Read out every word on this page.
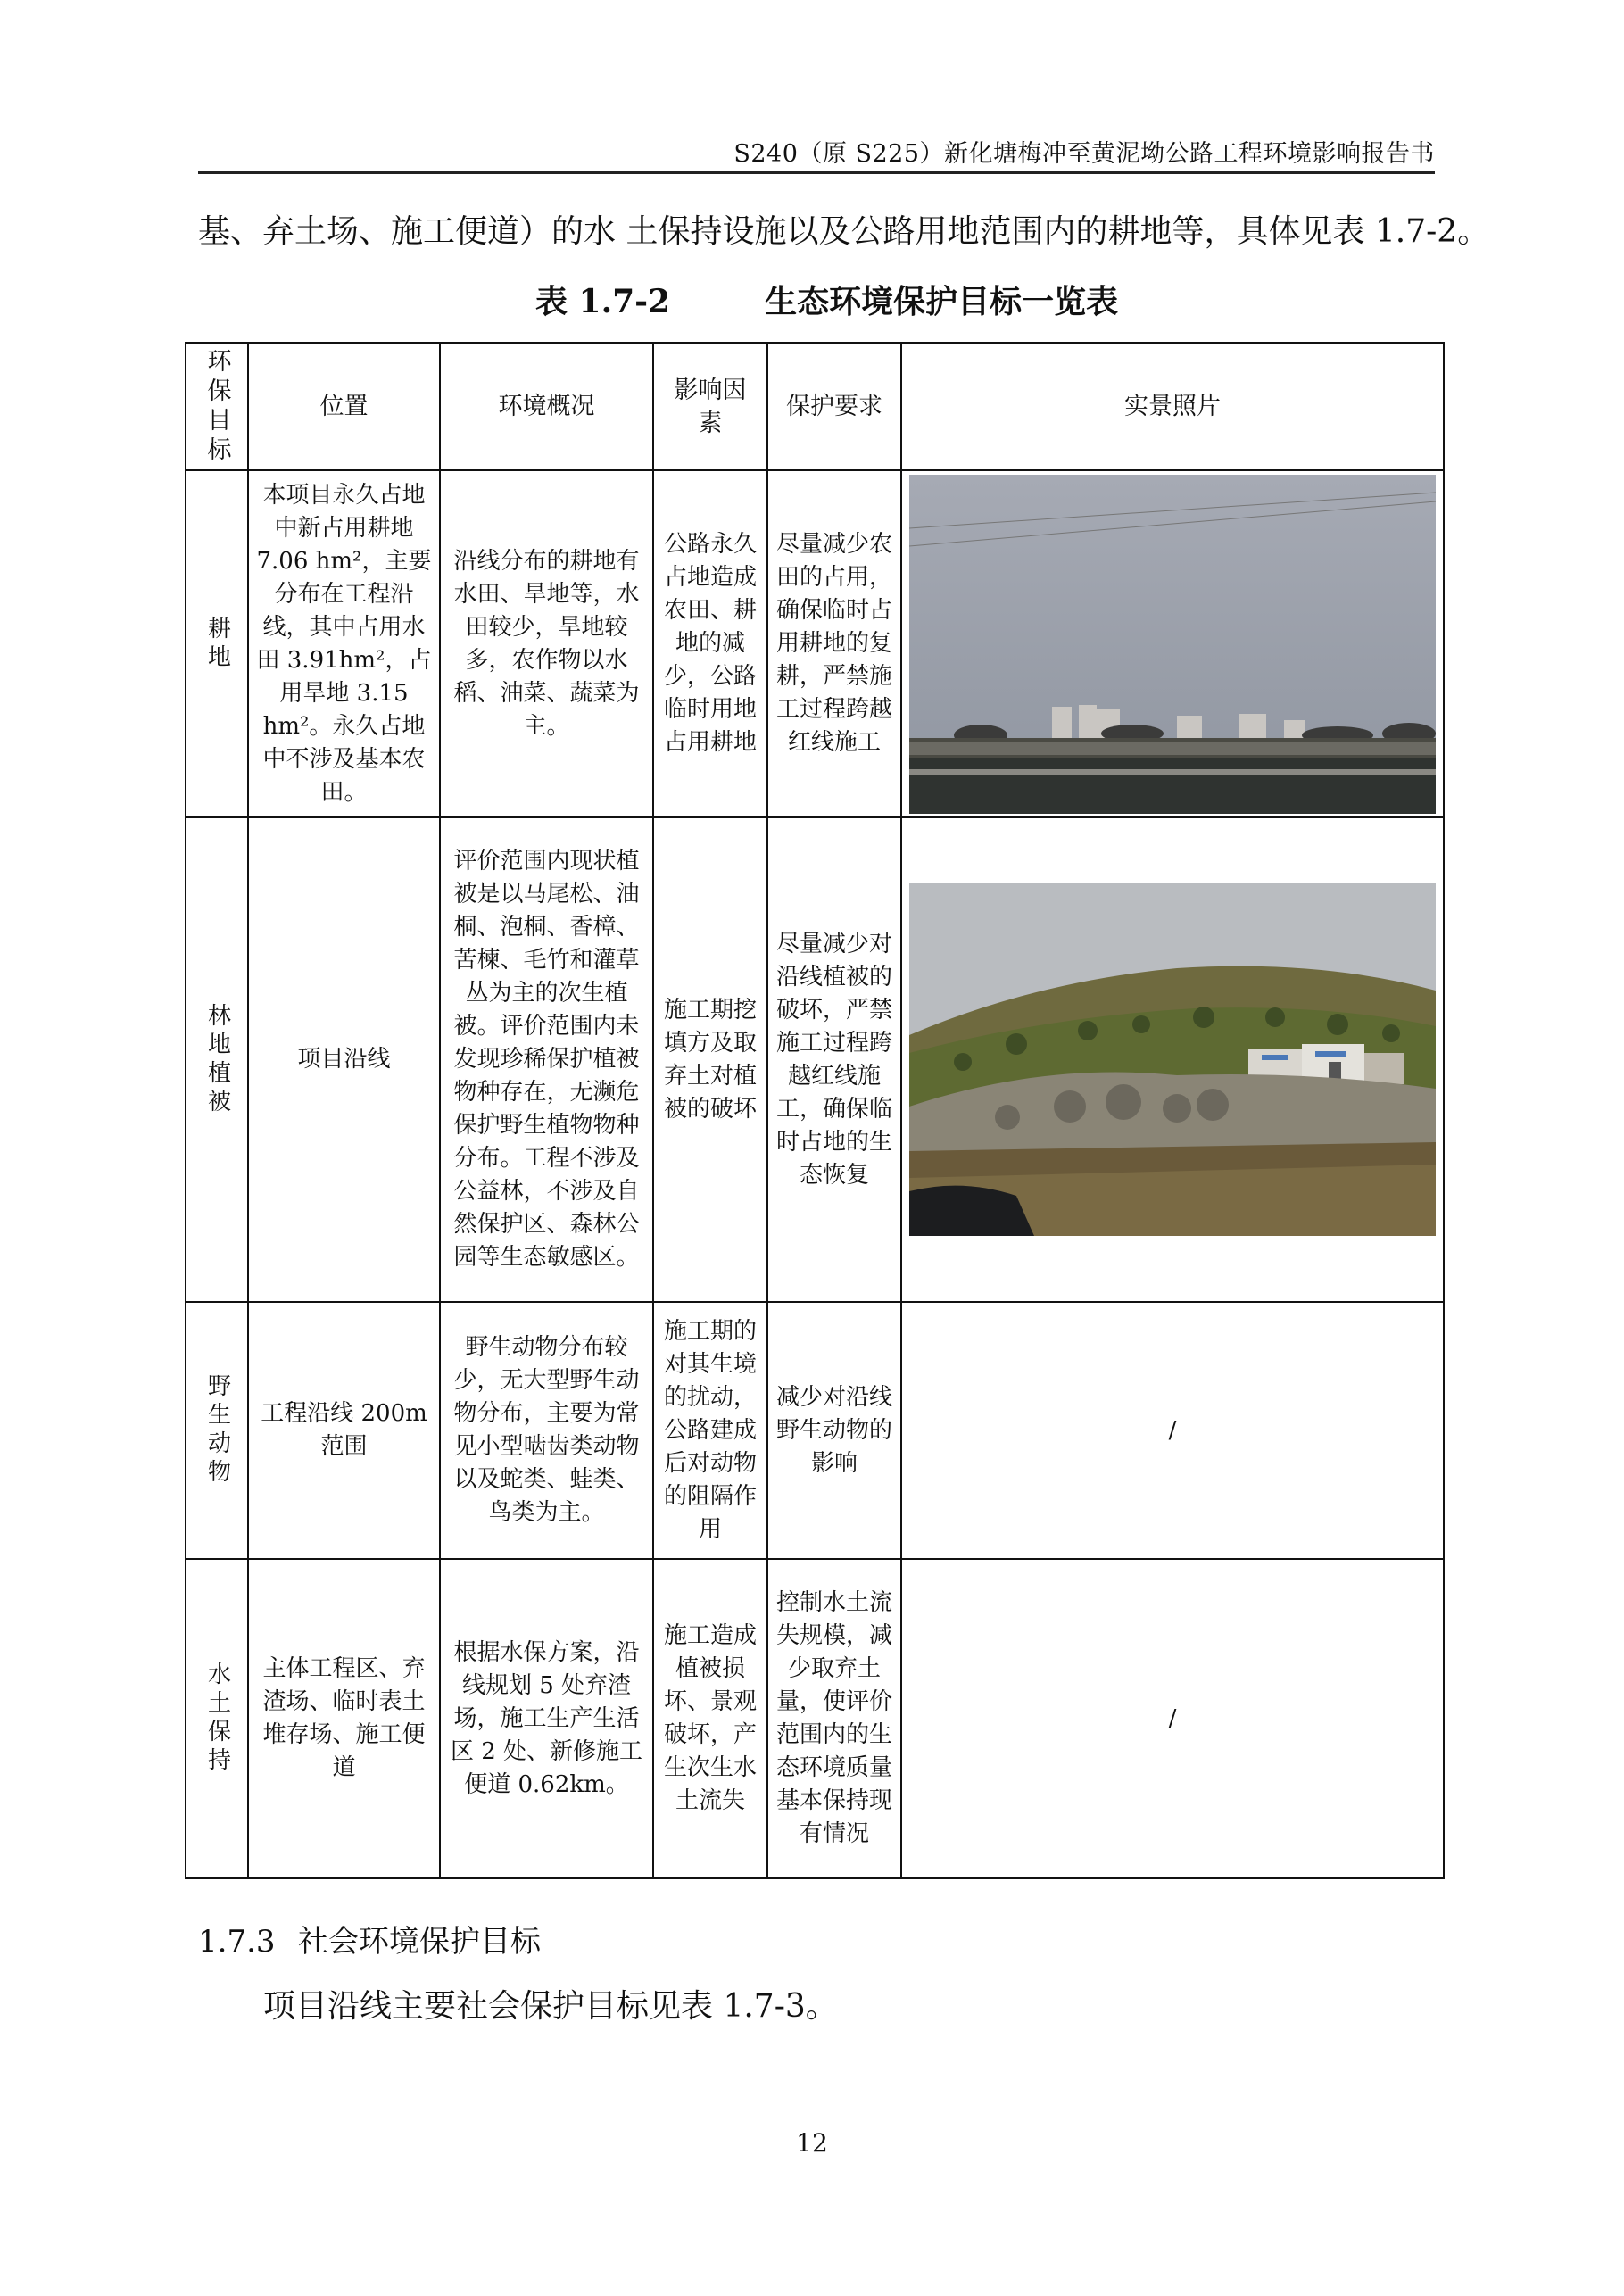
S240（原 S225）新化塘梅冲至黄泥坳公路工程环境影响报告书
基、弃土场、施工便道）的水 土保持设施以及公路用地范围内的耕地等，具体见表 1.7-2。
表 1.7-2	生态环境保护目标一览表
环保目标	位置	环境概况	影响因素	保护要求	实景照片

耕地	本项目永久占地中新占用耕地 7.06 hm²，主要分布在工程沿线，其中占用水田 3.91hm²，占用旱地 3.15 hm²。永久占地中不涉及基本农田。	沿线分布的耕地有水田、旱地等，水田较少，旱地较多，农作物以水稻、油菜、蔬菜为主。	公路永久占地造成农田、耕地的减少，公路临时用地占用耕地	尽量减少农田的占用，确保临时占用耕地的复耕，严禁施工过程跨越红线施工	

林地植被	项目沿线	评价范围内现状植被是以马尾松、油桐、泡桐、香樟、苦楝、毛竹和灌草丛为主的次生植被。评价范围内未发现珍稀保护植被物种存在，无濒危保护野生植物物种分布。工程不涉及公益林，不涉及自然保护区、森林公园等生态敏感区。	施工期挖填方及取弃土对植被的破坏	尽量减少对沿线植被的破坏，严禁施工过程跨越红线施工，确保临时占地的生态恢复	

野生动物	工程沿线 200m 范围	野生动物分布较少，无大型野生动物分布，主要为常见小型啮齿类动物以及蛇类、蛙类、鸟类为主。	施工期的对其生境的扰动，公路建成后对动物的阻隔作用	减少对沿线野生动物的影响	/

水土保持	主体工程区、弃渣场、临时表土堆存场、施工便道	根据水保方案，沿线规划 5 处弃渣场，施工生产生活区 2 处、新修施工便道 0.62km。	施工造成植被损坏、景观破坏，产生次生水土流失	控制水土流失规模，减少取弃土量，使评价范围内的生态环境质量基本保持现有情况	/
1.7.3 社会环境保护目标
项目沿线主要社会保护目标见表 1.7-3。
12
